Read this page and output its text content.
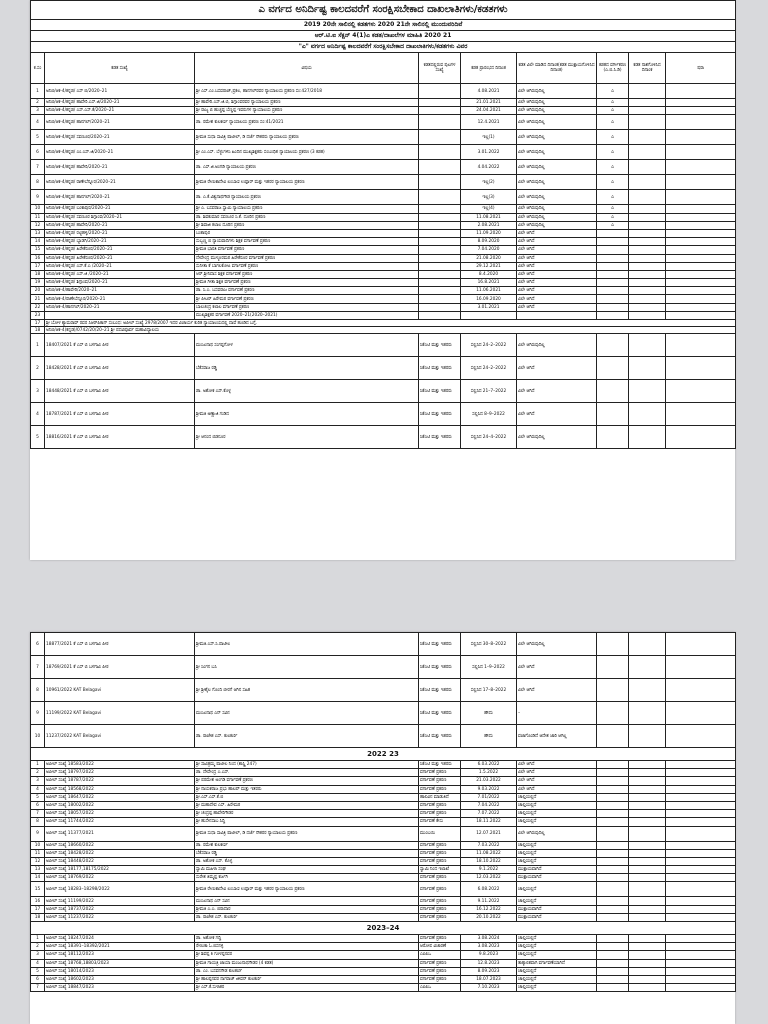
ಎ ವರ್ಗದ ಅನಿರ್ದಿಷ್ಟ ಕಾಲದವರೆಗೆ ಸಂರಕ್ಷಿಸಬೇಕಾದ ದಾಖಲಾತಿಗಳು/ಕಡತಗಳು								
2019 20ನೇ ಸಾಲಿನಲ್ಲಿ ಕಡತಗಳು 2020 21ನೇ ಸಾಲಿನಲ್ಲಿ ಮುಂದುವರಿದಿವೆ								
ಆರ್.ಟಿ.ಐ ಸೆಕ್ಷನ್ 4(1)ಎ ಕಡತ/ದಾಖಲೆಗಳ ಮಾಹಿತಿ 2020 21								
"ಎ" ವರ್ಗದ ಅನಿರ್ದಿಷ್ಟ ಕಾಲದವರೆಗೆ ಸಂರಕ್ಷಿಸಬೇಕಾದ ದಾಖಲಾತಿಗಳು/ಕಡತಗಳು ವಿವರ								
ಕ.ಸಂ	ಕಡತ ಸಂಖ್ಯೆ	ವಿಷಯ	ಕಡತದಲ್ಲಿರುವ ಪುಟಗಳ ಸಂಖ್ಯೆ	ಕಡತ ಪ್ರಾರಂಭದ ದಿನಾಂಕ	ಕಡತ ವಿಲೇ ಮಾಡಿದ ದಿನಾಂಕ(ಕಡತ ಮುಕ್ತಾಯಗೊಳಿಸಿದ ದಿನಾಂಕ)	ಕಡತದ ವರ್ಗೀಕರಣ (ಎ.ಬಿ.ಸಿ.ಡಿ)	ಕಡತ ನಾಶಗೊಳಿಸಿದ ದಿನಾಂಕ	ಷರಾ
1	ಅನಿಬಿ/ಆಕ-4/ಕನ್ನಡ/ ಎಸ್ ಬಿ/2020–21	ಶ್ರೀ ಎಸ್.ಎಂ.ಬಸವರಾಜ್,ಪ್ರಕಲ, ಹಾನಗಲ್‌ರವರ ನ್ಯಾಯಾಲಯ ಪ್ರಕರಣ ಸಂ:427/2018		4.08.2021	ವಿಲೇ ಆಗಿರುವುದಿಲ್ಲ	ಎ		
2	ಅನಿಬಿ/ಆಕ-4/ಕನ್ನಡ/ ಹಾವೇರಿ.ಎಸ್.ಜಿ/2020–21	ಶ್ರೀ ಹಾವೇರಿ.ಎಸ್.ಜಿ.ಬಿ, ಶಿಗ್ಗಾಂವರವರ ನ್ಯಾಯಾಲಯ ಪ್ರಕರಣ		21.01.2021	ವಿಲೇ ಆಗಿರುವುದಿಲ್ಲ	ಎ		
3	ಅನಿಬಿ/ಆಕ-4/ಕನ್ನಡ/ ಎಸ್.ಎಸ್.ಕೆ/2020–21	ಶ್ರೀ ರಾಜ್ಯ ಬಿ ಹುಚ್ಚಪ್ಪ ಬೆಣ್ಣಪ್ಪ ಇವರುಗಳ ನ್ಯಾಯಾಲಯ ಪ್ರಕರಣ		24.04.2021	ವಿಲೇ ಆಗಿರುವುದಿಲ್ಲ	ಎ		
4	ಅನಿಬಿ/ಆಕ-4/ಕನ್ನಡ/ ಹಾನಗಲ್/2020–21	ಡಾ. ರಮೇಶ ಕುಲಕರ್ಣಿ ನ್ಯಾಯಾಲಯ ಪ್ರಕರಣ ಸಂ:41/2021		12.4.2021	ವಿಲೇ ಆಗಿರುವುದಿಲ್ಲ	ಎ		
5	ಅನಿಬಿ/ಆಕ-4/ಕನ್ನಡ/ ಸವಣೂರ/2020–21	ಶ್ರೀಮತಿ ಸುಧಾ ಸಾವಿತ್ರಿ ಪಾಟೀಲ್, ಡಿ ದರ್ಜೆ ನೌಕರರು ನ್ಯಾಯಾಲಯ ಪ್ರಕರಣ		ಇಲ್ಲ(1)	ವಿಲೇ ಆಗಿರುವುದಿಲ್ಲ	ಎ		
6	ಅನಿಬಿ/ಆಕ-4/ಕನ್ನಡ/ ಎಂ.ಎಸ್.ಜಿ/2020–21	ಶ್ರೀ ಎಂ.ಎಸ್. ಬೆಳ್ಳುಗಳಿಸಿ ಹಿಂದಿನ ಮುಖ್ಯಶಿಕ್ಷಕರು ಸಂಬಂಧಿತ ನ್ಯಾಯಾಲಯ ಪ್ರಕರಣ (3 ಕಡತ)		3.01.2022	ವಿಲೇ ಆಗಿರುವುದಿಲ್ಲ	ಎ		
7	ಅನಿಬಿ/ಆಕ-4/ಕನ್ನಡ/ ಹಾವೇರಿ/2020–21	ಡಾ. ಎಸ್.ಜಿ.ಅಂಗಡಿ ನ್ಯಾಯಾಲಯ ಪ್ರಕರಣ		4.04.2022	ವಿಲೇ ಆಗಿರುವುದಿಲ್ಲ	ಎ		
8	ಅನಿಬಿ/ಆಕ-4/ಕನ್ನಡ/ ರಾಣೇಬೆನ್ನೂರ/2020–21	ಶ್ರೀಮತಿ ರೇಣುಕಾದೇವಿ ಲಂಬಾಣಿ ಉಪ್ಪಾರ್ ಮತ್ತು ಇತರರ ನ್ಯಾಯಾಲಯ ಪ್ರಕರಣ		ಇಲ್ಲ(2)	ವಿಲೇ ಆಗಿರುವುದಿಲ್ಲ	ಎ		
9	ಅನಿಬಿ/ಆಕ-4/ಕನ್ನಡ/ ಹಾನಗಲ್/2020–21	ಡಾ. ಎ.ಕೆ.ವಿಶ್ವನಾಥಗೌಡ ನ್ಯಾಯಾಲಯ ಪ್ರಕರಣ		ಇಲ್ಲ(3)	ವಿಲೇ ಆಗಿರುವುದಿಲ್ಲ	ಎ		
10	ಅನಿಬಿ/ಆಕ-4/ಕನ್ನಡ/ ಬಂಕಾಪುರ/2020–21	ಶ್ರೀ ಎ. ಬಸವರಾಜ ಸ್ವಾಮಿ ನ್ಯಾಯಾಲಯ ಪ್ರಕರಣ		ಇಲ್ಲ(4)	ವಿಲೇ ಆಗಿರುವುದಿಲ್ಲ	ಎ		
11	ಅನಿಬಿ/ಆಕ-4/ಕನ್ನಡ/ ಸವಣೂರ ಶಿಗ್ಗಾಂವ/2020–21	ಡಾ. ಶಿವಕುಮಾರ ಸವಣೂರ ಸಿ.ಕೆ. ದೂರಿನ ಪ್ರಕರಣ		11.08.2021	ವಿಲೇ ಆಗಿರುವುದಿಲ್ಲ	ಎ		
12	ಅನಿಬಿ/ಆಕ-4/ಕನ್ನಡ/ ಹಾವೇರಿ/2020–21	ಶ್ರೀ ಶಿವಾಜಿ ಕಲಾಲ ದೂರಿನ ಪ್ರಕರಣ		2.08.2021	ವಿಲೇ ಆಗಿರುವುದಿಲ್ಲ	ಎ		
13	ಅನಿಬಿ/ಆಕ-4/ಕನ್ನಡ/ ರಟ್ಟಿಹಳ್ಳಿ/2020–21	ಬಂಕಾಪುರ		11.09.2020	ವಿಲೇ ಆಗಿದೆ			
14	ಅನಿಬಿ/ಆಕ-4/ಕನ್ನಡ/ ಬ್ಯಾಡಗಿ/2020–21	ಸುಬ್ಬಣ್ಣ ಬಿ ನ್ಯಾಯವಾದಿಗಳು ಶಿಕ್ಷಕ ವರ್ಗಾವಣೆ ಪ್ರಕರಣ		8.09.2020	ವಿಲೇ ಆಗಿದೆ			
15	ಅನಿಬಿ/ಆಕ-4/ಕನ್ನಡ/ ಹಿರೇಕೆರೂರ/2020–21	ಶ್ರೀಮತಿ ಭಾರತಿ ವರ್ಗಾವಣೆ ಪ್ರಕರಣ		7.04.2020	ವಿಲೇ ಆಗಿದೆ			
16	ಅನಿಬಿ/ಆಕ-4/ಕನ್ನಡ/ ಹಿರೇಕೆರೂರ/2020–21	ದೇವೇಂದ್ರ ಮುಳ್ಳೂರಮಠ ಹಿರೇಕೆರೂರ ವರ್ಗಾವಣೆ ಪ್ರಕರಣ		21.08.2020	ವಿಲೇ ಆಗಿದೆ			
17	ಅನಿಬಿ/ಆಕ-4/ಕನ್ನಡ/ ಎಸ್.ಕೆ.ಎ /2020–21	ಸುನೀತಾ ಕೆ ಬಾಗಲಕೋಟ ವರ್ಗಾವಣೆ ಪ್ರಕರಣ		29.12.2021	ವಿಲೇ ಆಗಿದೆ			
18	ಅನಿಬಿ/ಆಕ-4/ಕನ್ನಡ/ ಎಸ್.ಜಿ /2020–21	ಆರ್.ಶ್ರೀನಿವಾಸ ಶಿಕ್ಷಕ ವರ್ಗಾವಣೆ ಪ್ರಕರಣ		8.4.2020	ವಿಲೇ ಆಗಿದೆ			
19	ಅನಿಬಿ/ಆಕ-4/ಕನ್ನಡ/ ಶಿಗ್ಗಾಂವ/2020–21	ಶ್ರೀಮತಿ ಗೀತಾ ಶಿಕ್ಷಕಿ ವರ್ಗಾವಣೆ ಪ್ರಕರಣ		16.8.2021	ವಿಲೇ ಆಗಿದೆ			
20	ಅನಿಬಿ/ಆಕ-4/ಹಾವೇರಿ/2020–21	ಡಾ. ಸಿ.ಎ. ಬಸವರಾಜ ವರ್ಗಾವಣೆ ಪ್ರಕರಣ		11.06.2021	ವಿಲೇ ಆಗಿದೆ			
21	ಅನಿಬಿ/ಆಕ-4/ರಾಣೇಬೆನ್ನೂರ/2020–21	ಶ್ರೀ ಪೀಟರ್ ಹಿರೇಮಠ ವರ್ಗಾವಣೆ ಪ್ರಕರಣ		16.09.2020	ವಿಲೇ ಆಗಿದೆ			
22	ಅನಿಬಿ/ಆಕ-4/ಹಾನಗಲ್/2020–21	ಬಾಲಚಂದ್ರ ಕಲಾಲ ವರ್ಗಾವಣೆ ಪ್ರಕರಣ		3.01.2021	ವಿಲೇ ಆಗಿದೆ			
23		ಮುಖ್ಯಶಿಕ್ಷಕರ ವರ್ಗಾವಣೆ 2020–21(2020–2021)						
17	ಶ್ರೀ ಬೋಳ ಶ್ಯಾಮರಾವ್ ರವರ ಸಿಆರ್‌ಪಿಕಾನ್ ಸಂಬಂಧ: ಅಪೀಲ್ ಸಂಖ್ಯೆ 2978/2007 ಇದರ ವಿಚಾರ್ಯ ಕುರಿತ ನ್ಯಾಯಾಲಯದಲ್ಲಿ ದಾವೆ ಹೂಡಿದ ಬಗ್ಗೆ.							
18	ಅನಿಬಿ/ಆಕ-4(ಕನ್ನಡ)/0742/20/20–21 ಶ್ರೀ ಪದವಿಪೂರ್ವ ಮಹಾವಿದ್ಯಾಲಯ							
1	18407/2021 ಕೆ ಎಸ್ ಬಿ ಬಳಗಾವಿ ಪೀಠ	ಮಂಜುನಾಥ ಸಂಗಪ್ಪಗೋಳ	ಸಿಕೆಎಟಿ ಮತ್ತು ಇತರರು	ಸಲ್ಲಿಸಿದ 24–2–2022	ವಿಲೇ ಆಗಿರುವುದಿಲ್ಲ			
2	18428/2021 ಕೆ ಎಸ್ ಬಿ ಬಳಗಾವಿ ಪೀಠ	ಬೆಕೆಸರಾಜ ರಡ್ಡಿ	ಸಿಕೆಎಟಿ ಮತ್ತು ಇತರರು	ಸಲ್ಲಿಸಿದ 24–2–2022	ವಿಲೇ ಆಗಿದೆ			
3	18448/2021 ಕೆ ಎಸ್ ಬಿ ಬಳಗಾವಿ ಪೀಠ	ಡಾ. ಅಶೋಕ ಎಸ್.ಕೊಳ್ಳ	ಸಿಕೆಎಟಿ ಮತ್ತು ಇತರರು	ಸಲ್ಲಿಸಿದ 21–7–2022	ವಿಲೇ ಆಗಿದೆ			
4	18787/2021 ಕೆ ಎಸ್ ಬಿ ಬಳಗಾವಿ ಪೀಠ	ಶ್ರೀಮತಿ ಅಣ್ಣಾಜಿ ಗುಡಿದ	ಸಿಕೆಎಟಿ ಮತ್ತು ಇತರರು	ಸಲ್ಲಿಸಿದ 8–9–2022	ವಿಲೇ ಆಗಿದೆ			
5	18816/2021 ಕೆ ಎಸ್ ಬಿ ಬಳಗಾವಿ ಪೀಠ	ಶ್ರೀ ಆನಂದ ಬಿಡನೂರ	ಸಿಕೆಎಟಿ ಮತ್ತು ಇತರರು	ಸಲ್ಲಿಸಿದ 24–4–2022	ವಿಲೇ ಆಗಿರುವುದಿಲ್ಲ			
6	18877/2021 ಕೆ ಎಸ್ ಬಿ ಬಳಗಾವಿ ಪೀಠ	ಶ್ರೀಮತಿ.ಎಸ್.ಸಿ.ಪಾಟೀಲ	ಸಿಕೆಎಟಿ ಮತ್ತು ಇತರರು	ಸಲ್ಲಿಸಿದ 30–8–2022	ವಿಲೇ ಆಗಿರುವುದಿಲ್ಲ			
7	18769/2021 ಕೆ ಎಸ್ ಬಿ ಬಳಗಾವಿ ಪೀಠ	ಶ್ರೀ ಸಿಂಗನ ಬಸಿ	ಸಿಕೆಎಟಿ ಮತ್ತು ಇತರರು	ಸಲ್ಲಿಸಿದ 1–9–2022	ವಿಲೇ ಆಗಿದೆ			
8	10961/2022 KAT Belagavi	ಶ್ರೀ ಶ್ರೀಶೈಲ ಗೊಂದಿ ಬೀರಗೆ ಆಗಿನ ಸಹಿತ	ಸಿಕೆಎಟಿ ಮತ್ತು ಇತರರು	ಸಲ್ಲಿಸಿದ 17–8–2022	ವಿಲೇ ಆಗಿದೆ			
9	11199/2022 KAT Belagavi	ಮಂಜುನಾಥ ಎನ್ ಸವಿನ	ಸಿಕೆಎಟಿ ಮತ್ತು ಇತರರು	ಹೌದು	–			
10	11237/2022 KAT Belagavi	ಡಾ. ರಾಜೇಶ ಎಸ್. ಕುಲಕರ್ಣಿ	ಸಿಕೆಎಟಿ ಮತ್ತು ಇತರರು	ಹೌದು	ವಜಾಗೊಂಡಿದೆ ಆದೇಶ ಜಾರಿ ಆಗಿಲ್ಲ			
2022 23								
1	ಅಪೀಲ್ ಸಂಖ್ಯೆ 18583/2022	ಶ್ರೀ ಸಾವಿತ್ರಮ್ಮ ಪಾಟೀಲ ನಿಂದ (ಶಾಸ್ತ್ರಿ 247)	ಸಿಕೆಎಟಿ ಮತ್ತು ಇತರರು	6.03.2022	ವಿಲೇ ಆಗಿದೆ			
2	ಅಪೀಲ್ ಸಂಖ್ಯೆ 18797/2022	ಡಾ. ದೇವೇಂದ್ರ ಎ.ಎಸ್.	ವರ್ಗಾವಣೆ ಪ್ರಕರಣ	1.5.2022	ವಿಲೇ ಆಗಿದೆ			
3	ಅಪೀಲ್ ಸಂಖ್ಯೆ 18787/2022	ಶ್ರೀ ಪರಮೇಶ ಅಂಗಡಿ ವರ್ಗಾವಣೆ ಪ್ರಕರಣ	ವರ್ಗಾವಣೆ ಪ್ರಕರಣ	21.03.2022	ವಿಲೇ ಆಗಿದೆ			
4	ಅಪೀಲ್ ಸಂಖ್ಯೆ 18568/2022	ಶ್ರೀ ನಾಯಕರಾಜ ಪ್ರಭು ಹಾಲಪ್ ಮತ್ತು ಇತರರು	ವರ್ಗಾವಣೆ ಪ್ರಕರಣ	9.03.2022	ವಿಲೇ ಆಗಿದೆ			
5	ಅಪೀಲ್ ಸಂಖ್ಯೆ 18647/2022	ಶ್ರೀ.ಎಸ್.ಎಸ್.ಕೆ.ಬಿ	ಹಾಲಿವಿನ ಮಾಡುತಿದೆ	7.01/2022	ಚಾಲ್ತಿಯಲ್ಲಿದೆ			
6	ಅಪೀಲ್ ಸಂಖ್ಯೆ 18002/2022	ಶ್ರೀ ಮಹಾದೇವ ಎಸ್. ಹಿರೇಮಠ	ವರ್ಗಾವಣೆ ಪ್ರಕರಣ	7.04.2022	ಚಾಲ್ತಿಯಲ್ಲಿದೆ			
7	ಅಪೀಲ್ ಸಂಖ್ಯೆ 18057/2022	ಶ್ರೀ ಚಂದ್ರಪ್ಪ ಹಾವೇರಿಗೌಡರ	ವರ್ಗಾವಣೆ ಪ್ರಕರಣ	7.07.2022	ಚಾಲ್ತಿಯಲ್ಲಿದೆ			
8	ಅಪೀಲ್ ಸಂಖ್ಯೆ 11744/2022	ಶ್ರೀ ಹುಸೇನಸಾಬ ಸಿದ್ದಿ	ವರ್ಗಾವಣೆ ಕೇಸು	18.11.2022	ಚಾಲ್ತಿಯಲ್ಲಿದೆ			
9	ಅಪೀಲ್ ಸಂಖ್ಯೆ 11377/2021	ಶ್ರೀಮತಿ ಸುಧಾ ಸಾವಿತ್ರಿ ಪಾಟೀಲ್, ಡಿ ದರ್ಜೆ ನೌಕರರ ನ್ಯಾಯಾಲಯ ಪ್ರಕರಣ	ಮುಂಬಯಿ	12.07.2021	ವಿಲೇ ಆಗಿರುವುದಿಲ್ಲ			
10	ಅಪೀಲ್ ಸಂಖ್ಯೆ 18660/2022	ಡಾ. ರಮೇಶ ಕುಲಕರ್ಣಿ	ವರ್ಗಾವಣೆ ಪ್ರಕರಣ	7.03.2022	ಚಾಲ್ತಿಯಲ್ಲಿದೆ			
11	ಅಪೀಲ್ ಸಂಖ್ಯೆ 18428/2022	ಬೆಕೆಸರಾಜ ರಡ್ಡಿ	ವರ್ಗಾವಣೆ ಪ್ರಕರಣ	11.08.2022	ಚಾಲ್ತಿಯಲ್ಲಿದೆ			
12	ಅಪೀಲ್ ಸಂಖ್ಯೆ 18448/2022	ಡಾ. ಅಶೋಕ ಎಸ್. ಕೊಳ್ಳ	ವರ್ಗಾವಣೆ ಪ್ರಕರಣ	18.10.2022	ಚಾಲ್ತಿಯಲ್ಲಿದೆ			
13	ಅಪೀಲ್ ಸಂಖ್ಯೆ 18177,18175/2022	ಸ್ವಾಮಿ ಮಹಿಳಾ ಸಂಘ	ಸ್ವಾಮಿ ನಿಂದ ಇಲಾಖೆ	9.1.2022	ಮುಕ್ತಾಯವಾಗಿದೆ			
14	ಅಪೀಲ್ ಸಂಖ್ಯೆ 18769/2022	ಸುರೇಶ ತಿಮ್ಮಪ್ಪ ಕರ್ಜಗಿ	ವರ್ಗಾವಣೆ ಪ್ರಕರಣ	12.03.2022	ಮುಕ್ತಾಯವಾಗಿದೆ			
15	ಅಪೀಲ್ ಸಂಖ್ಯೆ 18283–18298/2022	ಶ್ರೀಮತಿ ರೇಣುಕಾದೇವಿ ಲಂಬಾಣಿ ಉಪ್ಪಾರ್ ಮತ್ತು ಇತರರ ನ್ಯಾಯಾಲಯ ಪ್ರಕರಣ	ವರ್ಗಾವಣೆ ಪ್ರಕರಣ	6.08.2022	ಚಾಲ್ತಿಯಲ್ಲಿದೆ			
16	ಅಪೀಲ್ ಸಂಖ್ಯೆ 11199/2022	ಮಂಜುನಾಥ ಎನ್ ಸವಿನ	ವರ್ಗಾವಣೆ ಪ್ರಕರಣ	9.11.2022	ಚಾಲ್ತಿಯಲ್ಲಿದೆ			
17	ಅಪೀಲ್ ಸಂಖ್ಯೆ 18737/2022	ಶ್ರೀಮತಿ ಎ.ಎ. ಬಿರಾದಾರ	ವರ್ಗಾವಣೆ ಪ್ರಕರಣ	16.12.2022	ಮುಕ್ತಾಯವಾಗಿದೆ			
18	ಅಪೀಲ್ ಸಂಖ್ಯೆ 11237/2022	ಡಾ. ರಾಜೇಶ ಎಸ್. ಕುಲಕರ್ಣಿ	ವರ್ಗಾವಣೆ ಪ್ರಕರಣ	20.10.2022	ಮುಕ್ತಾಯವಾಗಿದೆ			
2023–24								
1	ಅಪೀಲ್ ಸಂಖ್ಯೆ 18247/2024	ಡಾ. ಅಶೋಕ ಗದ್ದಿ	ವರ್ಗಾವಣೆ ಪ್ರಕರಣ	3.08.2024	ಚಾಲ್ತಿಯಲ್ಲಿದೆ			
2	ಅಪೀಲ್ ಸಂಖ್ಯೆ 18391–18392/2021	ರೇಣುಕಾ ಓ.ಬಿಸನಳ್ಳಿ	ಆರೋಪ ವಿಚಾರಣೆ	3.08.2023	ಚಾಲ್ತಿಯಲ್ಲಿದೆ			
3	ಅಪೀಲ್ ಸಂಖ್ಯೆ 18112/2023	ಶ್ರೀ ಶಿವಪ್ಪ ಕಿ ಗೂಳಪ್ಪನವರ	ಎಪಿಪಿಒ	9.8.2023	ಚಾಲ್ತಿಯಲ್ಲಿದೆ			
4	ಅಪೀಲ್ ಸಂಖ್ಯೆ 18768,18803/2023	ಶ್ರೀಮತಿ ಗಾಯತ್ರಿ ಜಾಯಾ ಮಂಜುನಾಥಗೌಡರ (4 ಕಡತ)	ವರ್ಗಾವಣೆ ಪ್ರಕರಣ	12.8.2023	ತಾತ್ಕಾಲಿಕವಾಗಿ ವರ್ಗಾವಣೆಯಾಗಿದೆ			
5	ಅಪೀಲ್ ಸಂಖ್ಯೆ 18014/2023	ಡಾ. ಎಂ. ಬಸವನಗೌಡ ಕುಲಕರ್ಣಿ	ವರ್ಗಾವಣೆ ಪ್ರಕರಣ	8.09.2023	ಚಾಲ್ತಿಯಲ್ಲಿದೆ			
6	ಅಪೀಲ್ ಸಂಖ್ಯೆ 18602/2023	ಶ್ರೀ ಹಾಲಪ್ಪನವರ ನಾಗರಾಜ್ ಜೀವನ್ ಕುಲಕರ್ಣಿ	ವರ್ಗಾವಣೆ ಪ್ರಕರಣ	18.07.2023	ಚಾಲ್ತಿಯಲ್ಲಿದೆ			
7	ಅಪೀಲ್ ಸಂಖ್ಯೆ 18847/2023	ಶ್ರೀ ಎಸ್.ಕೆ.ಸುಳಾಕರ	ಎಪಿಪಿಒ	7.10.2023	ಚಾಲ್ತಿಯಲ್ಲಿದೆ			
